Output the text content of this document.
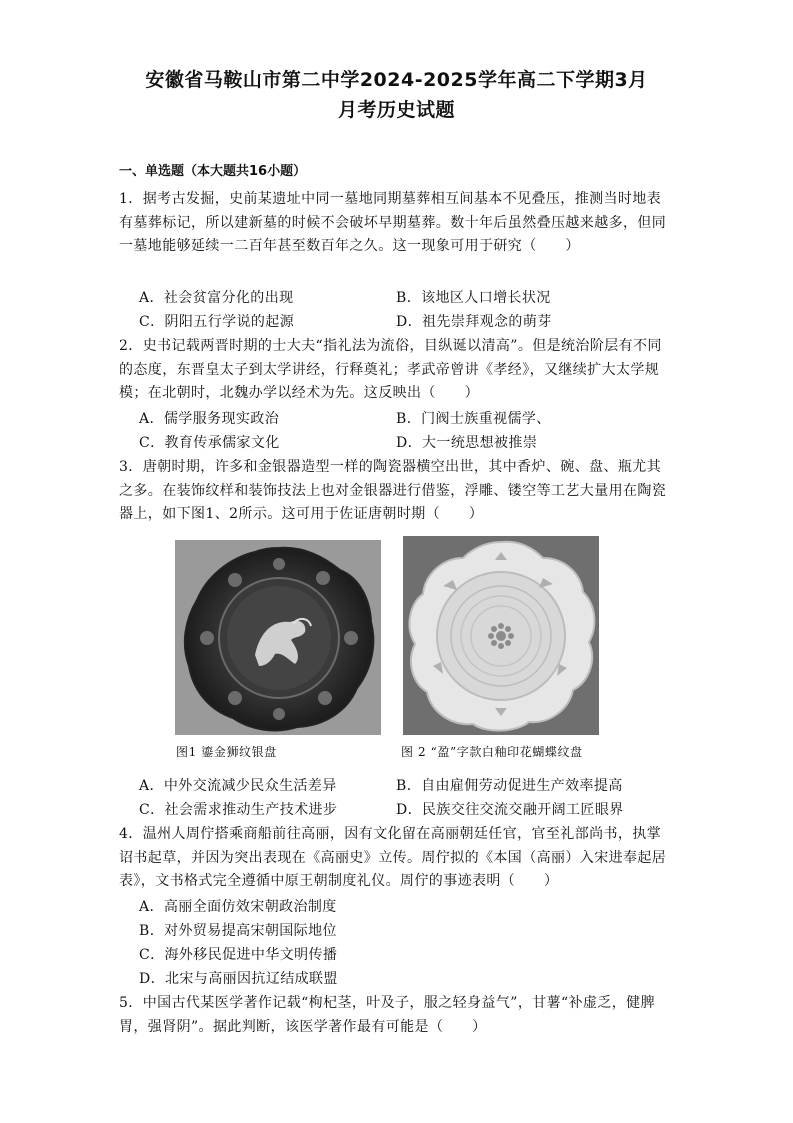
安徽省马鞍山市第二中学2024-2025学年高二下学期3月
月考历史试题
一、单选题（本大题共16小题）
1．据考古发掘，史前某遗址中同一墓地同期墓葬相互间基本不见叠压，推测当时地表有墓葬标记，所以建新墓的时候不会破坏早期墓葬。数十年后虽然叠压越来越多，但同一墓地能够延续一二百年甚至数百年之久。这一现象可用于研究（　　）
A．社会贫富分化的出现	B．该地区人口增长状况
C．阴阳五行学说的起源	D．祖先崇拜观念的萌芽
2．史书记载两晋时期的士大夫“指礼法为流俗，目纵诞以清高”。但是统治阶层有不同的态度，东晋皇太子到太学讲经，行释奠礼；孝武帝曾讲《孝经》，又继续扩大太学规模；在北朝时，北魏办学以经术为先。这反映出（　　）
A．儒学服务现实政治	B．门阀士族重视儒学、
C．教育传承儒家文化	D．大一统思想被推崇
3．唐朝时期，许多和金银器造型一样的陶瓷器横空出世，其中香炉、碗、盘、瓶尤其之多。在装饰纹样和装饰技法上也对金银器进行借鉴，浮雕、镂空等工艺大量用在陶瓷器上，如下图1、2所示。这可用于佐证唐朝时期（　　）
图1 鎏金狮纹银盘	图 2 “盈”字款白釉印花蝴蝶纹盘
A．中外交流减少民众生活差异	B．自由雇佣劳动促进生产效率提高
C．社会需求推动生产技术进步	D．民族交往交流交融开阔工匠眼界
4．温州人周佇搭乘商船前往高丽，因有文化留在高丽朝廷任官，官至礼部尚书，执掌诏书起草，并因为突出表现在《高丽史》立传。周佇拟的《本国（高丽）入宋进奉起居表》，文书格式完全遵循中原王朝制度礼仪。周佇的事迹表明（　　）
A．高丽全面仿效宋朝政治制度
B．对外贸易提高宋朝国际地位
C．海外移民促进中华文明传播
D．北宋与高丽因抗辽结成联盟
5．中国古代某医学著作记载“枸杞茎，叶及子，服之轻身益气”，甘薯“补虚乏，健脾胃，强肾阴”。据此判断，该医学著作最有可能是（　　）
